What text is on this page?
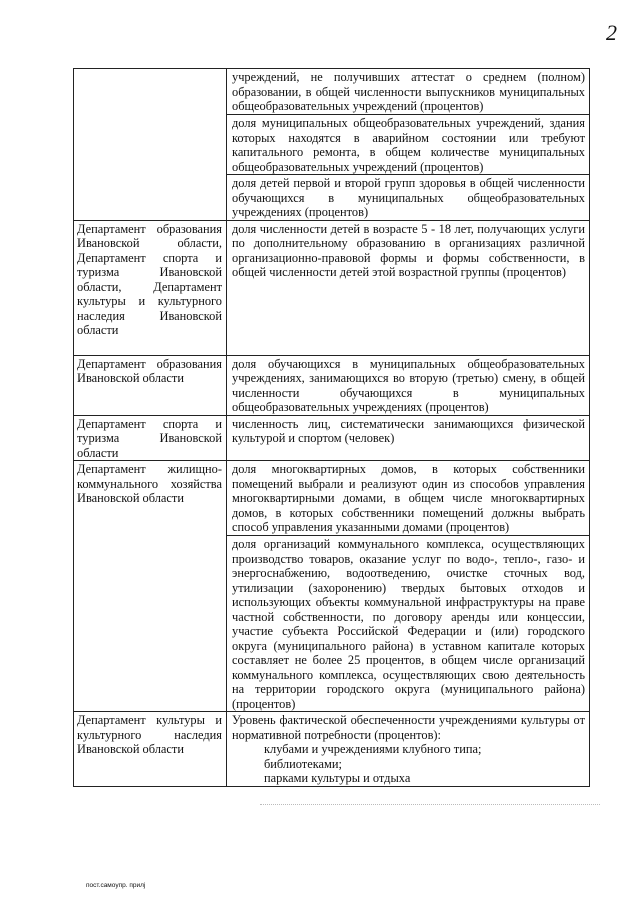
2
	учреждений, не получивших аттестат о среднем (полном) образовании, в общей численности выпускников муниципальных общеобразовательных учреждений (процентов)
	доля муниципальных общеобразовательных учреждений, здания которых находятся в аварийном состоянии или требуют капитального ремонта, в общем количестве муниципальных общеобразовательных учреждений (процентов)
	доля детей первой и второй групп здоровья в общей численности обучающихся в муниципальных общеобразовательных учреждениях (процентов)
Департамент образования Ивановской области, Департамент спорта и туризма Ивановской области, Департамент культуры и культурного наследия Ивановской области	доля численности детей в возрасте 5 - 18 лет, получающих услуги по дополнительному образованию в организациях различной организационно-правовой формы и формы собственности, в общей численности детей этой возрастной группы (процентов)
Департамент образования Ивановской области	доля обучающихся в муниципальных общеобразовательных учреждениях, занимающихся во вторую (третью) смену, в общей численности обучающихся в муниципальных общеобразовательных учреждениях (процентов)
Департамент спорта и туризма Ивановской области	численность лиц, систематически занимающихся физической культурой и спортом (человек)
Департамент жилищно-коммунального хозяйства Ивановской области	доля многоквартирных домов, в которых собственники помещений выбрали и реализуют один из способов управления многоквартирными домами, в общем числе многоквартирных домов, в которых собственники помещений должны выбрать способ управления указанными домами (процентов)
	доля организаций коммунального комплекса, осуществляющих производство товаров, оказание услуг по водо-, тепло-, газо- и энергоснабжению, водоотведению, очистке сточных вод, утилизации (захоронению) твердых бытовых отходов и использующих объекты коммунальной инфраструктуры на праве частной собственности, по договору аренды или концессии, участие субъекта Российской Федерации и (или) городского округа (муниципального района) в уставном капитале которых составляет не более 25 процентов, в общем числе организаций коммунального комплекса, осуществляющих свою деятельность на территории городского округа (муниципального района) (процентов)
Департамент культуры и культурного наследия Ивановской области	Уровень фактической обеспеченности учреждениями культуры от нормативной потребности (процентов):
клубами и учреждениями клубного типа;
библиотеками;
парками культуры и отдыха
пост.самоупр. прилj
